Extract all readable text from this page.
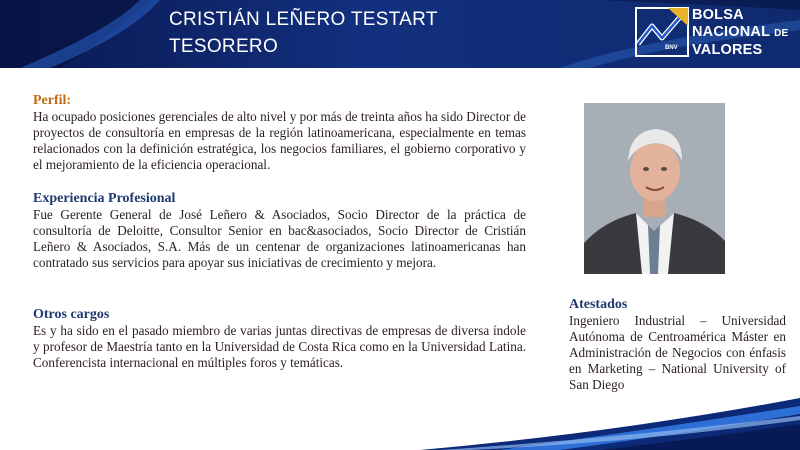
CRISTIÁN LEÑERO TESTART
TESORERO	BNV
BOLSA
NACIONAL DE
VALORES
Perfil:
Ha ocupado posiciones gerenciales de alto nivel y por más de treinta años ha sido Director de proyectos de consultoría en empresas de la región latinoamericana, especialmente en temas relacionados con la definición estratégica, los negocios familiares, el gobierno corporativo y el mejoramiento de la eficiencia operacional.
Experiencia Profesional
Fue Gerente General de José Leñero & Asociados, Socio Director de la práctica de consultoría de Deloitte, Consultor Senior en bac&asociados, Socio Director de Cristián Leñero & Asociados, S.A. Más de un centenar de organizaciones latinoamericanas han contratado sus servicios para apoyar sus iniciativas de crecimiento y mejora.
Otros cargos
Es y ha sido en el pasado miembro de varias juntas directivas de empresas de diversa índole y profesor de Maestría tanto en la Universidad de Costa Rica como en la Universidad Latina. Conferencista internacional en múltiples foros y temáticas.
Atestados
Ingeniero Industrial – Universidad Autónoma de Centroamérica Máster en Administración de Negocios con énfasis en Marketing – National University of San Diego
